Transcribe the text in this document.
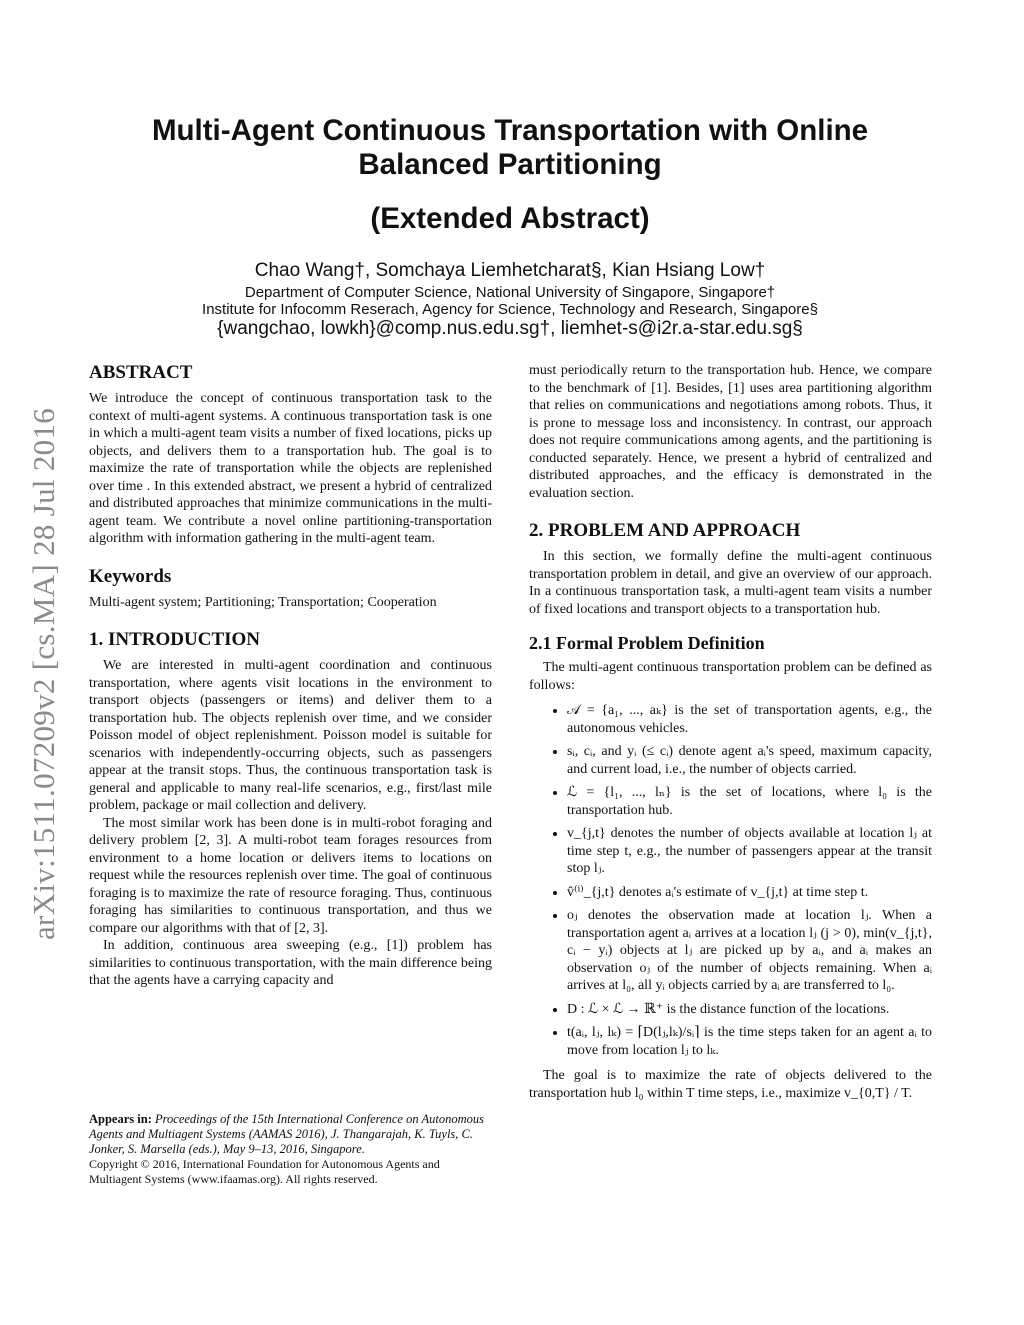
arXiv:1511.07209v2 [cs.MA] 28 Jul 2016
Multi-Agent Continuous Transportation with Online Balanced Partitioning
(Extended Abstract)
Chao Wang†, Somchaya Liemhetcharat§, Kian Hsiang Low†
Department of Computer Science, National University of Singapore, Singapore†
Institute for Infocomm Reserach, Agency for Science, Technology and Research, Singapore§
{wangchao, lowkh}@comp.nus.edu.sg†, liemhet-s@i2r.a-star.edu.sg§
ABSTRACT

We introduce the concept of continuous transportation task to the context of multi-agent systems. A continuous transportation task is one in which a multi-agent team visits a number of fixed locations, picks up objects, and delivers them to a transportation hub. The goal is to maximize the rate of transportation while the objects are replenished over time . In this extended abstract, we present a hybrid of centralized and distributed approaches that minimize communications in the multi-agent team. We contribute a novel online partitioning-transportation algorithm with information gathering in the multi-agent team.

Keywords

Multi-agent system; Partitioning; Transportation; Cooperation

1. INTRODUCTION

We are interested in multi-agent coordination and continuous transportation, where agents visit locations in the environment to transport objects (passengers or items) and deliver them to a transportation hub. The objects replenish over time, and we consider Poisson model of object replenishment. Poisson model is suitable for scenarios with independently-occurring objects, such as passengers appear at the transit stops. Thus, the continuous transportation task is general and applicable to many real-life scenarios, e.g., first/last mile problem, package or mail collection and delivery.

The most similar work has been done is in multi-robot foraging and delivery problem [2, 3]. A multi-robot team forages resources from environment to a home location or delivers items to locations on request while the resources replenish over time. The goal of continuous foraging is to maximize the rate of resource foraging. Thus, continuous foraging has similarities to continuous transportation, and thus we compare our algorithms with that of [2, 3].

In addition, continuous area sweeping (e.g., [1]) problem has similarities to continuous transportation, with the main difference being that the agents have a carrying capacity and

Appears in: Proceedings of the 15th International Conference on Autonomous Agents and Multiagent Systems (AAMAS 2016), J. Thangarajah, K. Tuyls, C. Jonker, S. Marsella (eds.), May 9–13, 2016, Singapore.

Copyright © 2016, International Foundation for Autonomous Agents and Multiagent Systems (www.ifaamas.org). All rights reserved.

must periodically return to the transportation hub. Hence, we compare to the benchmark of [1]. Besides, [1] uses area partitioning algorithm that relies on communications and negotiations among robots. Thus, it is prone to message loss and inconsistency. In contrast, our approach does not require communications among agents, and the partitioning is conducted separately. Hence, we present a hybrid of centralized and distributed approaches, and the efficacy is demonstrated in the evaluation section.

2. PROBLEM AND APPROACH

In this section, we formally define the multi-agent continuous transportation problem in detail, and give an overview of our approach. In a continuous transportation task, a multi-agent team visits a number of fixed locations and transport objects to a transportation hub.

2.1 Formal Problem Definition

The multi-agent continuous transportation problem can be defined as follows:

• 𝒜 = {a₁, ..., aₖ} is the set of transportation agents, e.g., the autonomous vehicles.
• sᵢ, cᵢ, and yᵢ (≤ cᵢ) denote agent aᵢ's speed, maximum capacity, and current load, i.e., the number of objects carried.
• ℒ = {l₁, ..., lₙ} is the set of locations, where l₀ is the transportation hub.
• v_{j,t} denotes the number of objects available at location lⱼ at time step t, e.g., the number of passengers appear at the transit stop lⱼ.
• v̂⁽ⁱ⁾_{j,t} denotes aᵢ's estimate of v_{j,t} at time step t.
• oⱼ denotes the observation made at location lⱼ. When a transportation agent aᵢ arrives at a location lⱼ (j > 0), min(v_{j,t}, cᵢ − yᵢ) objects at lⱼ are picked up by aᵢ, and aᵢ makes an observation oⱼ of the number of objects remaining. When aᵢ arrives at l₀, all yᵢ objects carried by aᵢ are transferred to l₀.
• D : ℒ × ℒ → ℝ⁺ is the distance function of the locations.
• t(aᵢ, lⱼ, lₖ) = ⌈D(lⱼ,lₖ)/sᵢ⌉ is the time steps taken for an agent aᵢ to move from location lⱼ to lₖ.

The goal is to maximize the rate of objects delivered to the transportation hub l₀ within T time steps, i.e., maximize v_{0,T} / T.
